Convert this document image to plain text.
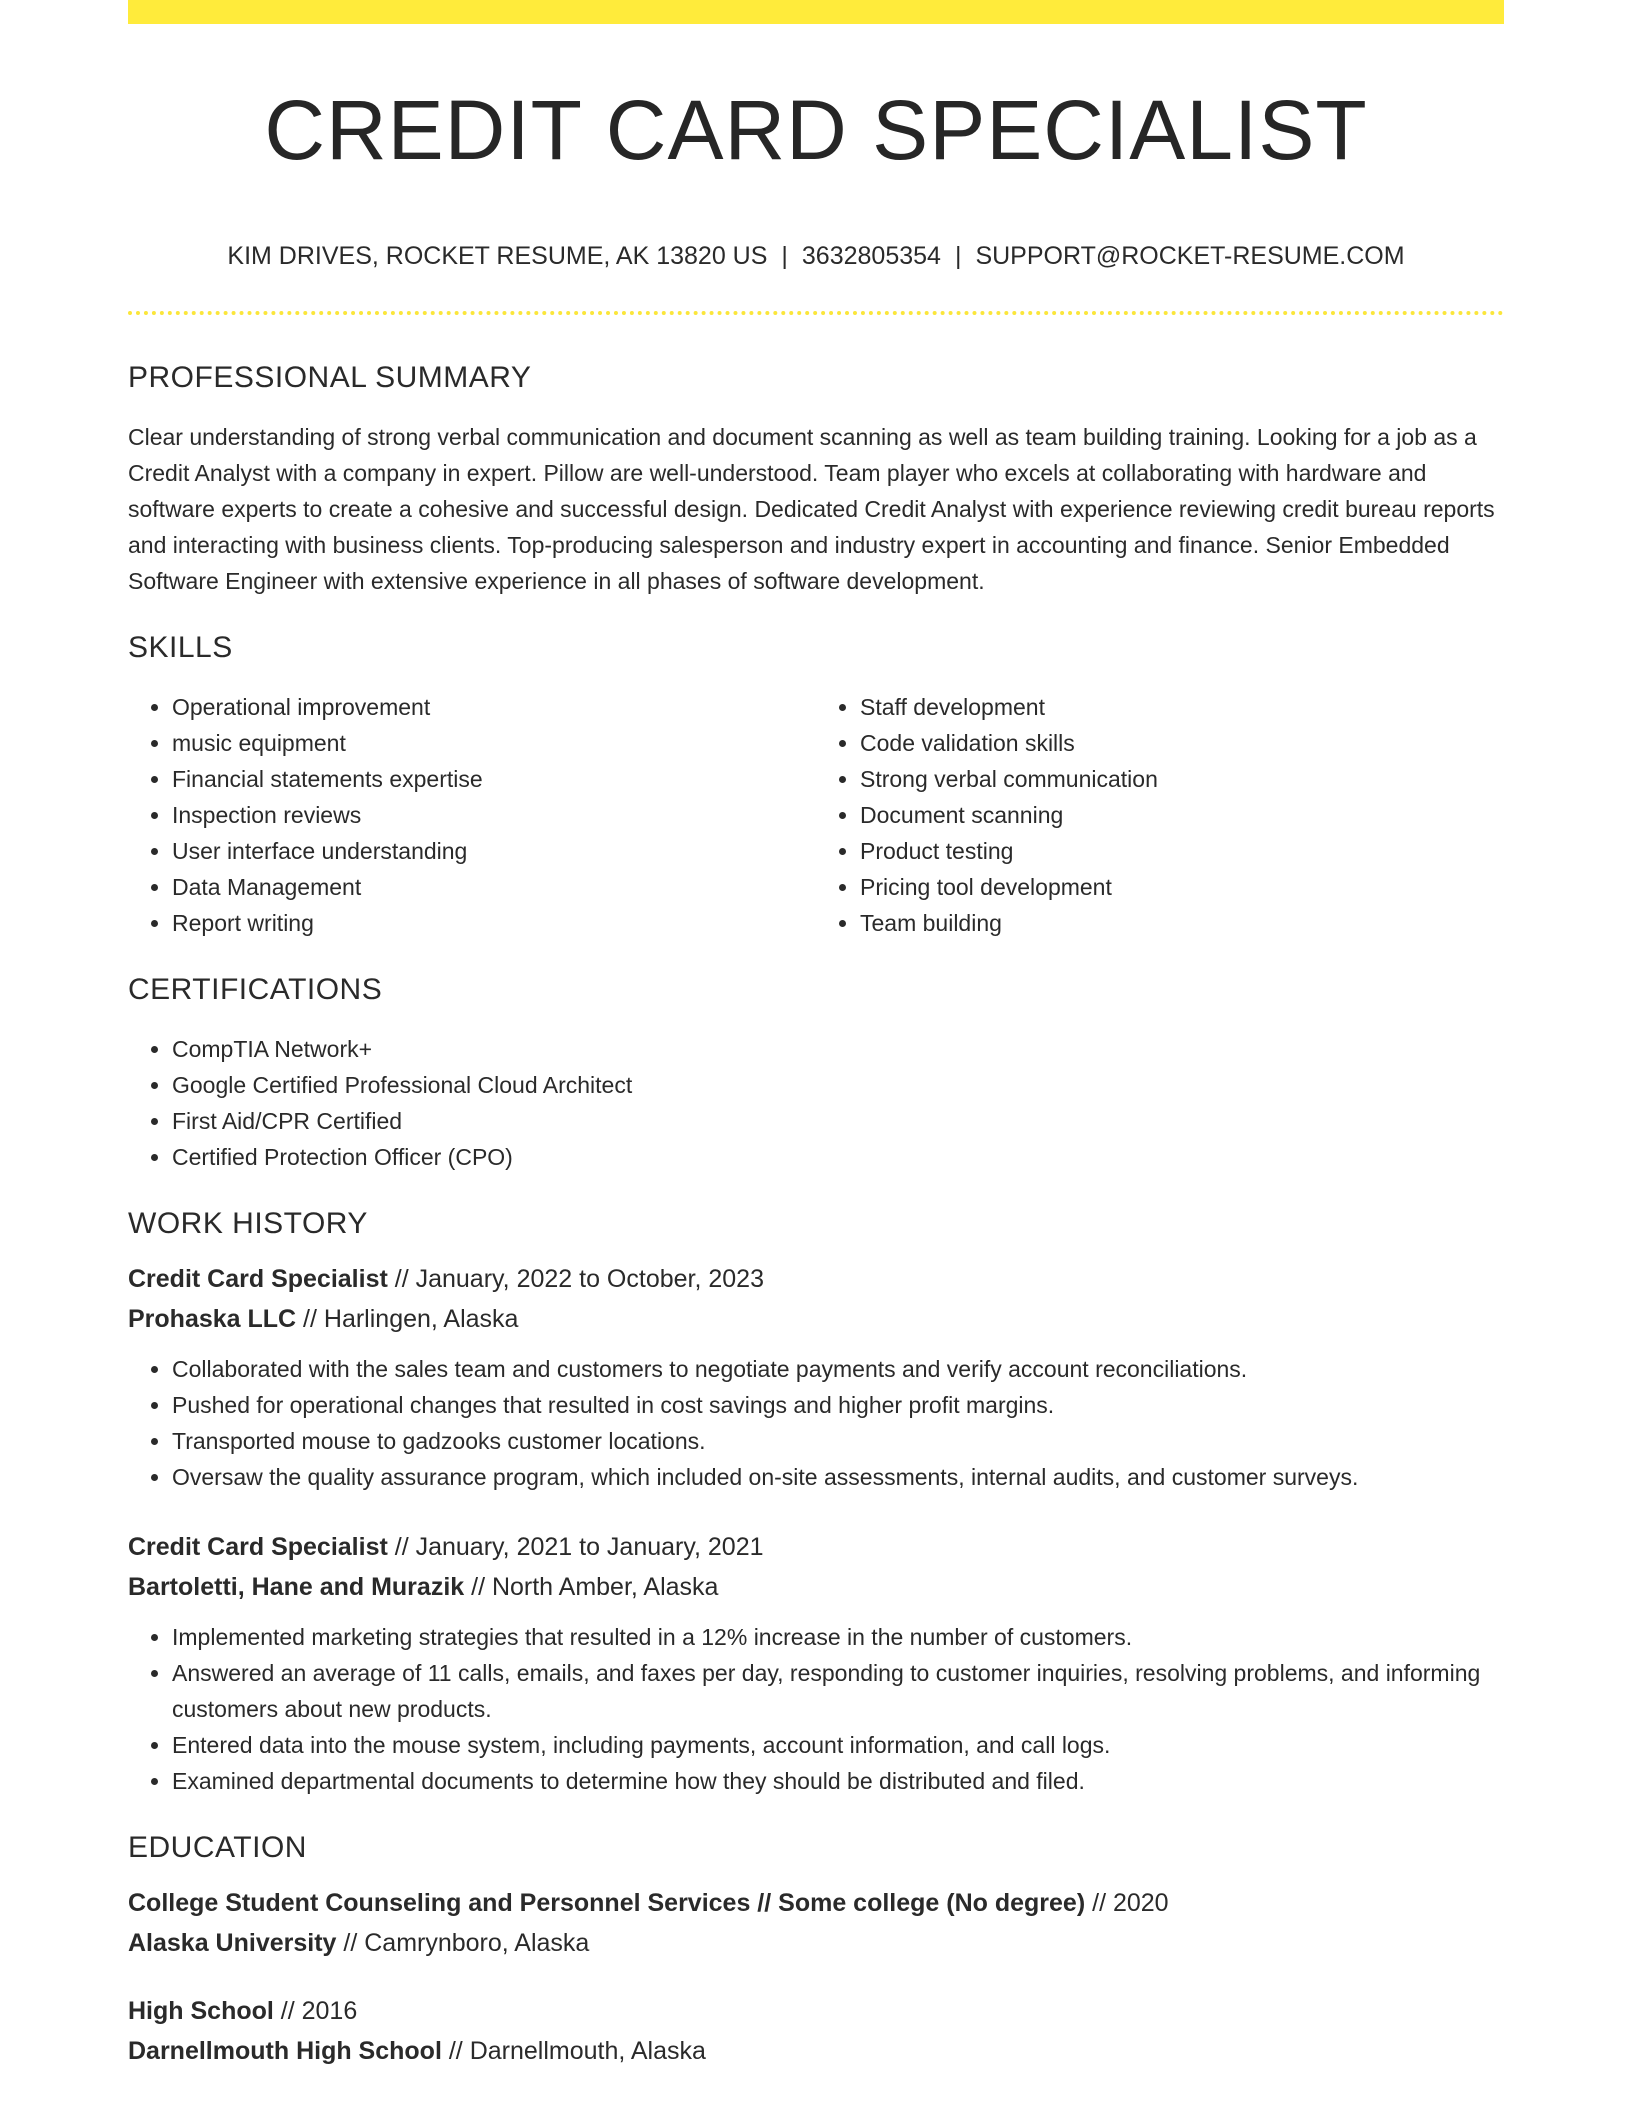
CREDIT CARD SPECIALIST
KIM DRIVES, ROCKET RESUME, AK 13820 US | 3632805354 | SUPPORT@ROCKET-RESUME.COM
PROFESSIONAL SUMMARY

Clear understanding of strong verbal communication and document scanning as well as team building training. Looking for a job as a Credit Analyst with a company in expert. Pillow are well-understood. Team player who excels at collaborating with hardware and software experts to create a cohesive and successful design. Dedicated Credit Analyst with experience reviewing credit bureau reports and interacting with business clients. Top-producing salesperson and industry expert in accounting and finance. Senior Embedded Software Engineer with extensive experience in all phases of software development.

SKILLS
• Operational improvement
• music equipment
• Financial statements expertise
• Inspection reviews
• User interface understanding
• Data Management
• Report writing
• Staff development
• Code validation skills
• Strong verbal communication
• Document scanning
• Product testing
• Pricing tool development
• Team building
CERTIFICATIONS
• CompTIA Network+
• Google Certified Professional Cloud Architect
• First Aid/CPR Certified
• Certified Protection Officer (CPO)
WORK HISTORY
Credit Card Specialist // January, 2022 to October, 2023
Prohaska LLC // Harlingen, Alaska
• Collaborated with the sales team and customers to negotiate payments and verify account reconciliations.
• Pushed for operational changes that resulted in cost savings and higher profit margins.
• Transported mouse to gadzooks customer locations.
• Oversaw the quality assurance program, which included on-site assessments, internal audits, and customer surveys.
Credit Card Specialist // January, 2021 to January, 2021
Bartoletti, Hane and Murazik // North Amber, Alaska
• Implemented marketing strategies that resulted in a 12% increase in the number of customers.
• Answered an average of 11 calls, emails, and faxes per day, responding to customer inquiries, resolving problems, and informing customers about new products.
• Entered data into the mouse system, including payments, account information, and call logs.
• Examined departmental documents to determine how they should be distributed and filed.
EDUCATION
College Student Counseling and Personnel Services // Some college (No degree) // 2020
Alaska University // Camrynboro, Alaska
High School // 2016
Darnellmouth High School // Darnellmouth, Alaska
